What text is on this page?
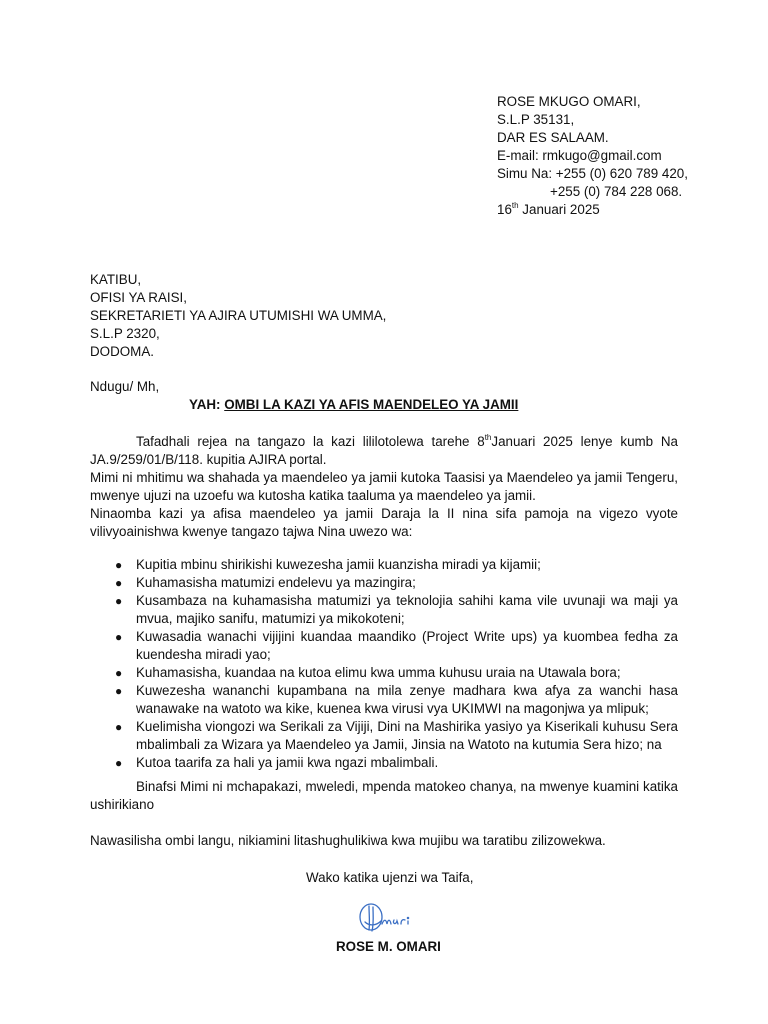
ROSE MKUGO OMARI,
S.L.P 35131,
DAR ES SALAAM.
E-mail: rmkugo@gmail.com
Simu Na: +255 (0) 620 789 420,
+255 (0) 784 228 068.
16th Januari 2025
KATIBU,
OFISI YA RAISI,
SEKRETARIETI YA AJIRA UTUMISHI WA UMMA,
S.L.P 2320,
DODOMA.
Ndugu/ Mh,
YAH: OMBI LA KAZI YA AFIS MAENDELEO YA JAMII

Tafadhali rejea na tangazo la kazi lililotolewa tarehe 8thJanuari 2025 lenye kumb Na JA.9/259/01/B/118. kupitia AJIRA portal.

Mimi ni mhitimu wa shahada ya maendeleo ya jamii kutoka Taasisi ya Maendeleo ya jamii Tengeru, mwenye ujuzi na uzoefu wa kutosha katika taaluma ya maendeleo ya jamii.

Ninaomba kazi ya afisa maendeleo ya jamii Daraja la II nina sifa pamoja na vigezo vyote vilivyoainishwa kwenye tangazo tajwa Nina uwezo wa:

● Kupitia mbinu shirikishi kuwezesha jamii kuanzisha miradi ya kijamii;
● Kuhamasisha matumizi endelevu ya mazingira;
● Kusambaza na kuhamasisha matumizi ya teknolojia sahihi kama vile uvunaji wa maji ya mvua, majiko sanifu, matumizi ya mikokoteni;
● Kuwasadia wanachi vijijini kuandaa maandiko (Project Write ups) ya kuombea fedha za kuendesha miradi yao;
● Kuhamasisha, kuandaa na kutoa elimu kwa umma kuhusu uraia na Utawala bora;
● Kuwezesha wananchi kupambana na mila zenye madhara kwa afya za wanchi hasa wanawake na watoto wa kike, kuenea kwa virusi vya UKIMWI na magonjwa ya mlipuk;
● Kuelimisha viongozi wa Serikali za Vijiji, Dini na Mashirika yasiyo ya Kiserikali kuhusu Sera mbalimbali za Wizara ya Maendeleo ya Jamii, Jinsia na Watoto na kutumia Sera hizo; na
● Kutoa taarifa za hali ya jamii kwa ngazi mbalimbali.

Binafsi Mimi ni mchapakazi, mweledi, mpenda matokeo chanya, na mwenye kuamini katika ushirikiano

Nawasilisha ombi langu, nikiamini litashughulikiwa kwa mujibu wa taratibu zilizowekwa.
Wako katika ujenzi wa Taifa,
ROSE M. OMARI
